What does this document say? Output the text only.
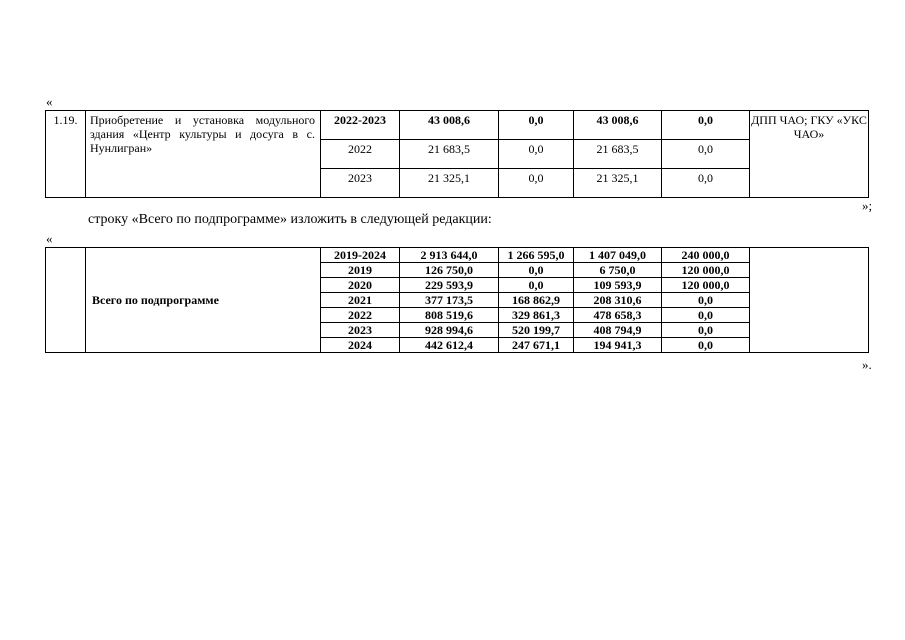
«
1.19.	Приобретение и установка модульного здания «Центр культуры и досуга в с. Нунлигран»	2022-2023	43 008,6	0,0	43 008,6	0,0	ДПП ЧАО; ГКУ «УКС ЧАО»
		2022	21 683,5	0,0	21 683,5	0,0	
		2023	21 325,1	0,0	21 325,1	0,0	
»;
строку «Всего по подпрограмме» изложить в следующей редакции:
«
	Всего по подпрограмме	2019-2024	2 913 644,0	1 266 595,0	1 407 049,0	240 000,0	
		2019	126 750,0	0,0	6 750,0	120 000,0	
		2020	229 593,9	0,0	109 593,9	120 000,0	
		2021	377 173,5	168 862,9	208 310,6	0,0	
		2022	808 519,6	329 861,3	478 658,3	0,0	
		2023	928 994,6	520 199,7	408 794,9	0,0	
		2024	442 612,4	247 671,1	194 941,3	0,0	
».
